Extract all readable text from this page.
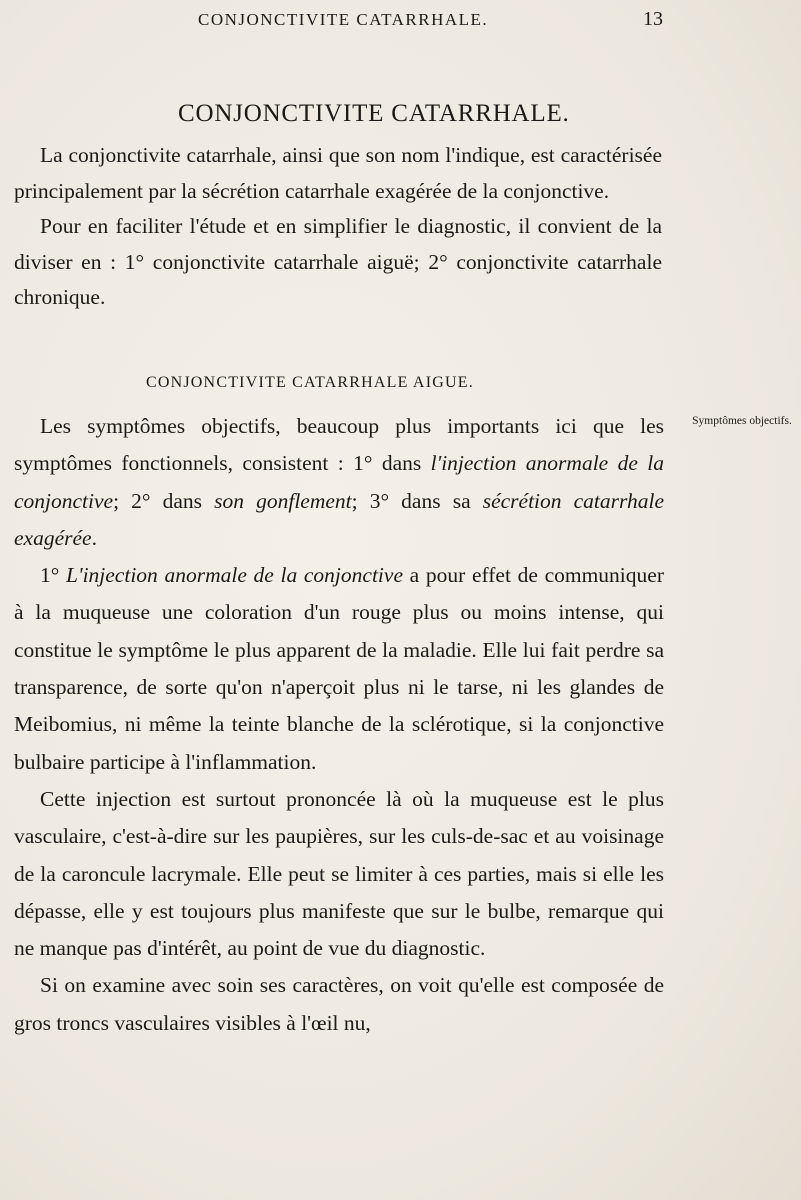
CONJONCTIVITE CATARRHALE.	13
CONJONCTIVITE CATARRHALE.

La conjonctivite catarrhale, ainsi que son nom l'indique, est caractérisée principalement par la sécrétion catarrhale exagérée de la conjonctive.

Pour en faciliter l'étude et en simplifier le diagnostic, il convient de la diviser en : 1° conjonctivite catarrhale aiguë; 2° conjonctivite catarrhale chronique.

CONJONCTIVITE CATARRHALE AIGUE.
Symptômes objectifs.

Les symptômes objectifs, beaucoup plus importants ici que les symptômes fonctionnels, consistent : 1° dans l'injection anormale de la conjonctive; 2° dans son gonflement; 3° dans sa sécrétion catarrhale exagérée.

1° L'injection anormale de la conjonctive a pour effet de communiquer à la muqueuse une coloration d'un rouge plus ou moins intense, qui constitue le symptôme le plus apparent de la maladie. Elle lui fait perdre sa transparence, de sorte qu'on n'aperçoit plus ni le tarse, ni les glandes de Meibomius, ni même la teinte blanche de la sclérotique, si la conjonctive bulbaire participe à l'inflammation.

Cette injection est surtout prononcée là où la muqueuse est le plus vasculaire, c'est-à-dire sur les paupières, sur les culs-de-sac et au voisinage de la caroncule lacrymale. Elle peut se limiter à ces parties, mais si elle les dépasse, elle y est toujours plus manifeste que sur le bulbe, remarque qui ne manque pas d'intérêt, au point de vue du diagnostic.

Si on examine avec soin ses caractères, on voit qu'elle est composée de gros troncs vasculaires visibles à l'œil nu,
